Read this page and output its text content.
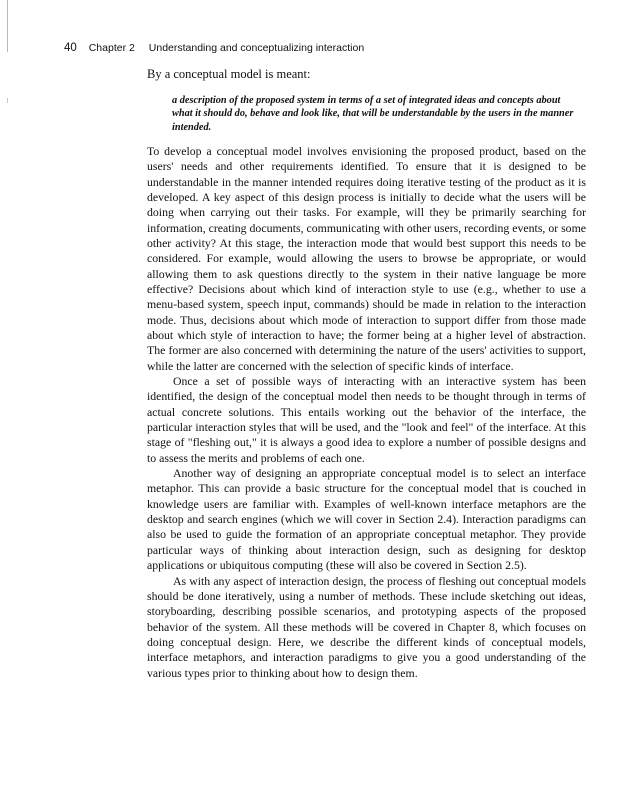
40 Chapter 2 Understanding and conceptualizing interaction

By a conceptual model is meant:

a description of the proposed system in terms of a set of integrated ideas and concepts about what it should do, behave and look like, that will be understandable by the users in the manner intended.

To develop a conceptual model involves envisioning the proposed product, based on the users' needs and other requirements identified. To ensure that it is designed to be understandable in the manner intended requires doing iterative testing of the product as it is developed. A key aspect of this design process is initially to decide what the users will be doing when carrying out their tasks. For example, will they be primarily searching for information, creating documents, communicating with other users, recording events, or some other activity? At this stage, the interaction mode that would best support this needs to be considered. For example, would allowing the users to browse be appropriate, or would allowing them to ask questions directly to the system in their native language be more effective? Decisions about which kind of interaction style to use (e.g., whether to use a menu-based system, speech input, commands) should be made in relation to the interaction mode. Thus, decisions about which mode of interaction to support differ from those made about which style of interaction to have; the former being at a higher level of abstraction. The former are also concerned with determining the nature of the users' activities to support, while the latter are concerned with the selection of specific kinds of interface.

Once a set of possible ways of interacting with an interactive system has been identified, the design of the conceptual model then needs to be thought through in terms of actual concrete solutions. This entails working out the behavior of the interface, the particular interaction styles that will be used, and the "look and feel" of the interface. At this stage of "fleshing out," it is always a good idea to explore a number of possible designs and to assess the merits and problems of each one.

Another way of designing an appropriate conceptual model is to select an interface metaphor. This can provide a basic structure for the conceptual model that is couched in knowledge users are familiar with. Examples of well-known interface metaphors are the desktop and search engines (which we will cover in Section 2.4). Interaction paradigms can also be used to guide the formation of an appropriate conceptual metaphor. They provide particular ways of thinking about interaction design, such as designing for desktop applications or ubiquitous computing (these will also be covered in Section 2.5).

As with any aspect of interaction design, the process of fleshing out conceptual models should be done iteratively, using a number of methods. These include sketching out ideas, storyboarding, describing possible scenarios, and prototyping aspects of the proposed behavior of the system. All these methods will be covered in Chapter 8, which focuses on doing conceptual design. Here, we describe the different kinds of conceptual models, interface metaphors, and interaction paradigms to give you a good understanding of the various types prior to thinking about how to design them.
